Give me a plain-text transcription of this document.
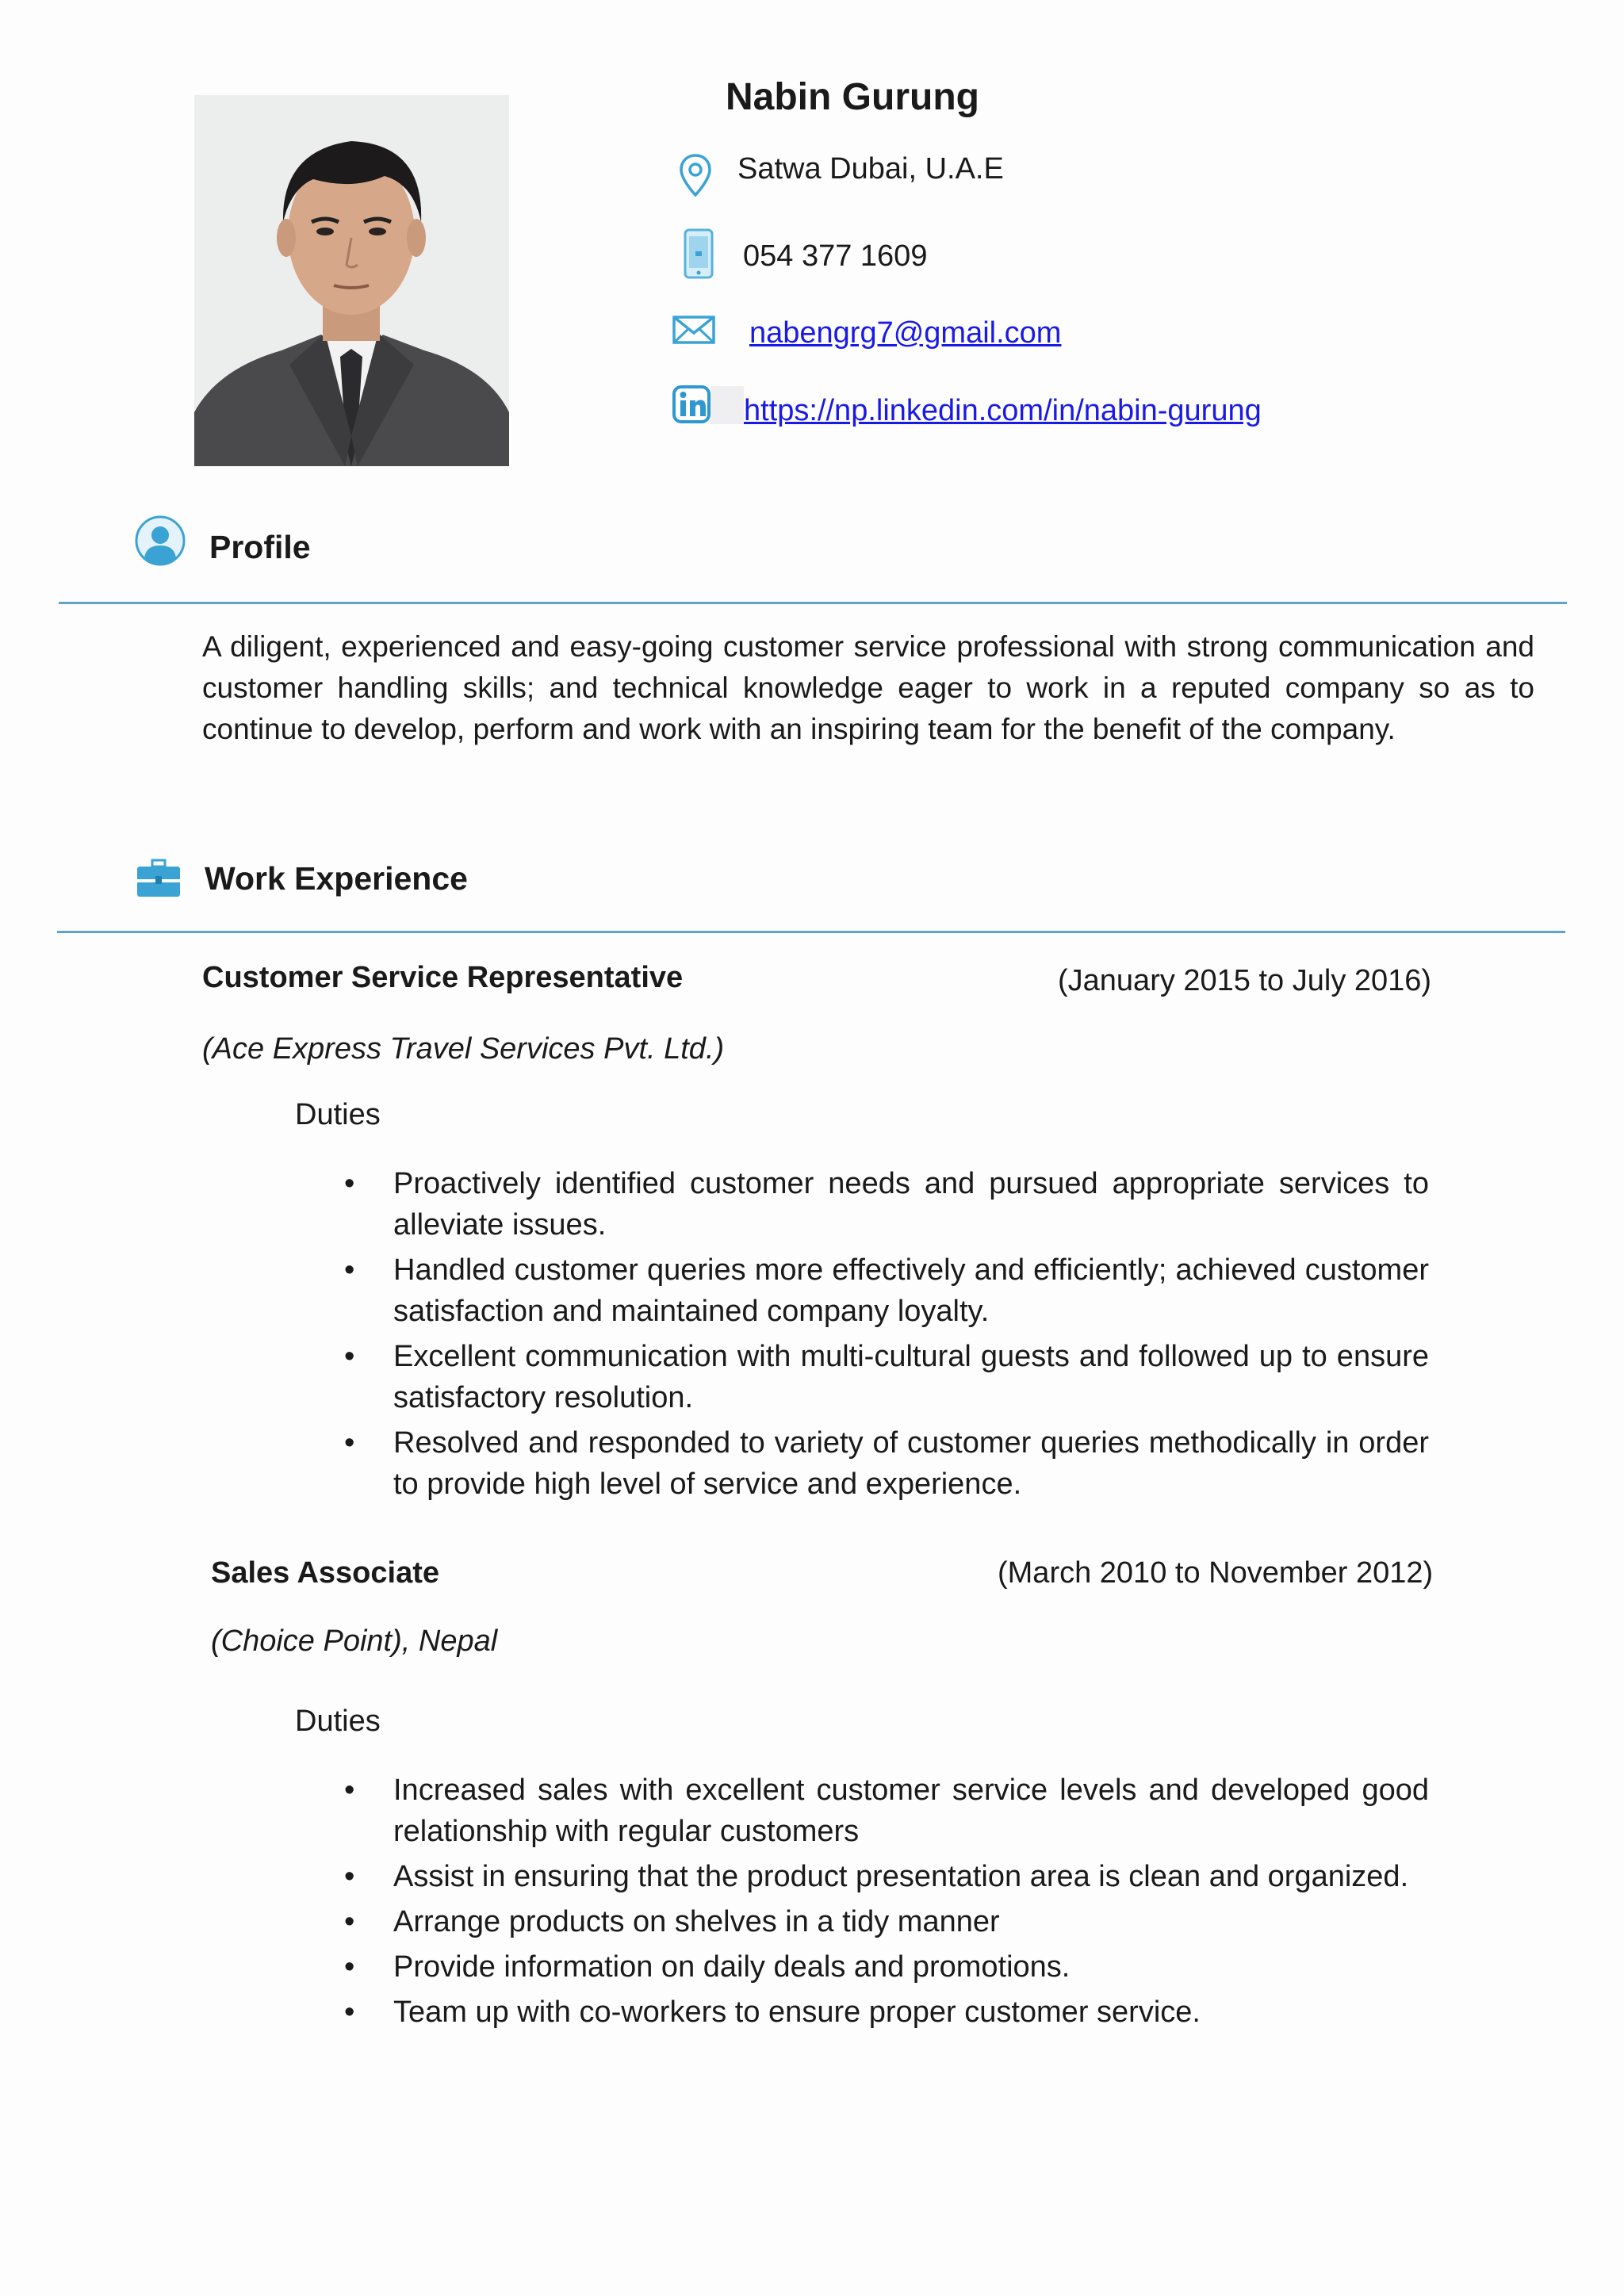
Nabin Gurung
Satwa Dubai, U.A.E
054 377 1609
nabengrg7@gmail.com
https://np.linkedin.com/in/nabin-gurung
Profile
A diligent, experienced and easy-going customer service professional with strong communication and customer handling skills; and technical knowledge eager to work in a reputed company so as to continue to develop, perform and work with an inspiring team for the benefit of the company.
Work Experience
Customer Service Representative	(January 2015 to July 2016)
(Ace Express Travel Services Pvt. Ltd.)
Duties
• Proactively identified customer needs and pursued appropriate services to alleviate issues.
• Handled customer queries more effectively and efficiently; achieved customer satisfaction and maintained company loyalty.
• Excellent communication with multi-cultural guests and followed up to ensure satisfactory resolution.
• Resolved and responded to variety of customer queries methodically in order to provide high level of service and experience.
Sales Associate	(March 2010 to November 2012)
(Choice Point), Nepal
Duties
• Increased sales with excellent customer service levels and developed good relationship with regular customers
• Assist in ensuring that the product presentation area is clean and organized.
• Arrange products on shelves in a tidy manner
• Provide information on daily deals and promotions.
• Team up with co-workers to ensure proper customer service.
